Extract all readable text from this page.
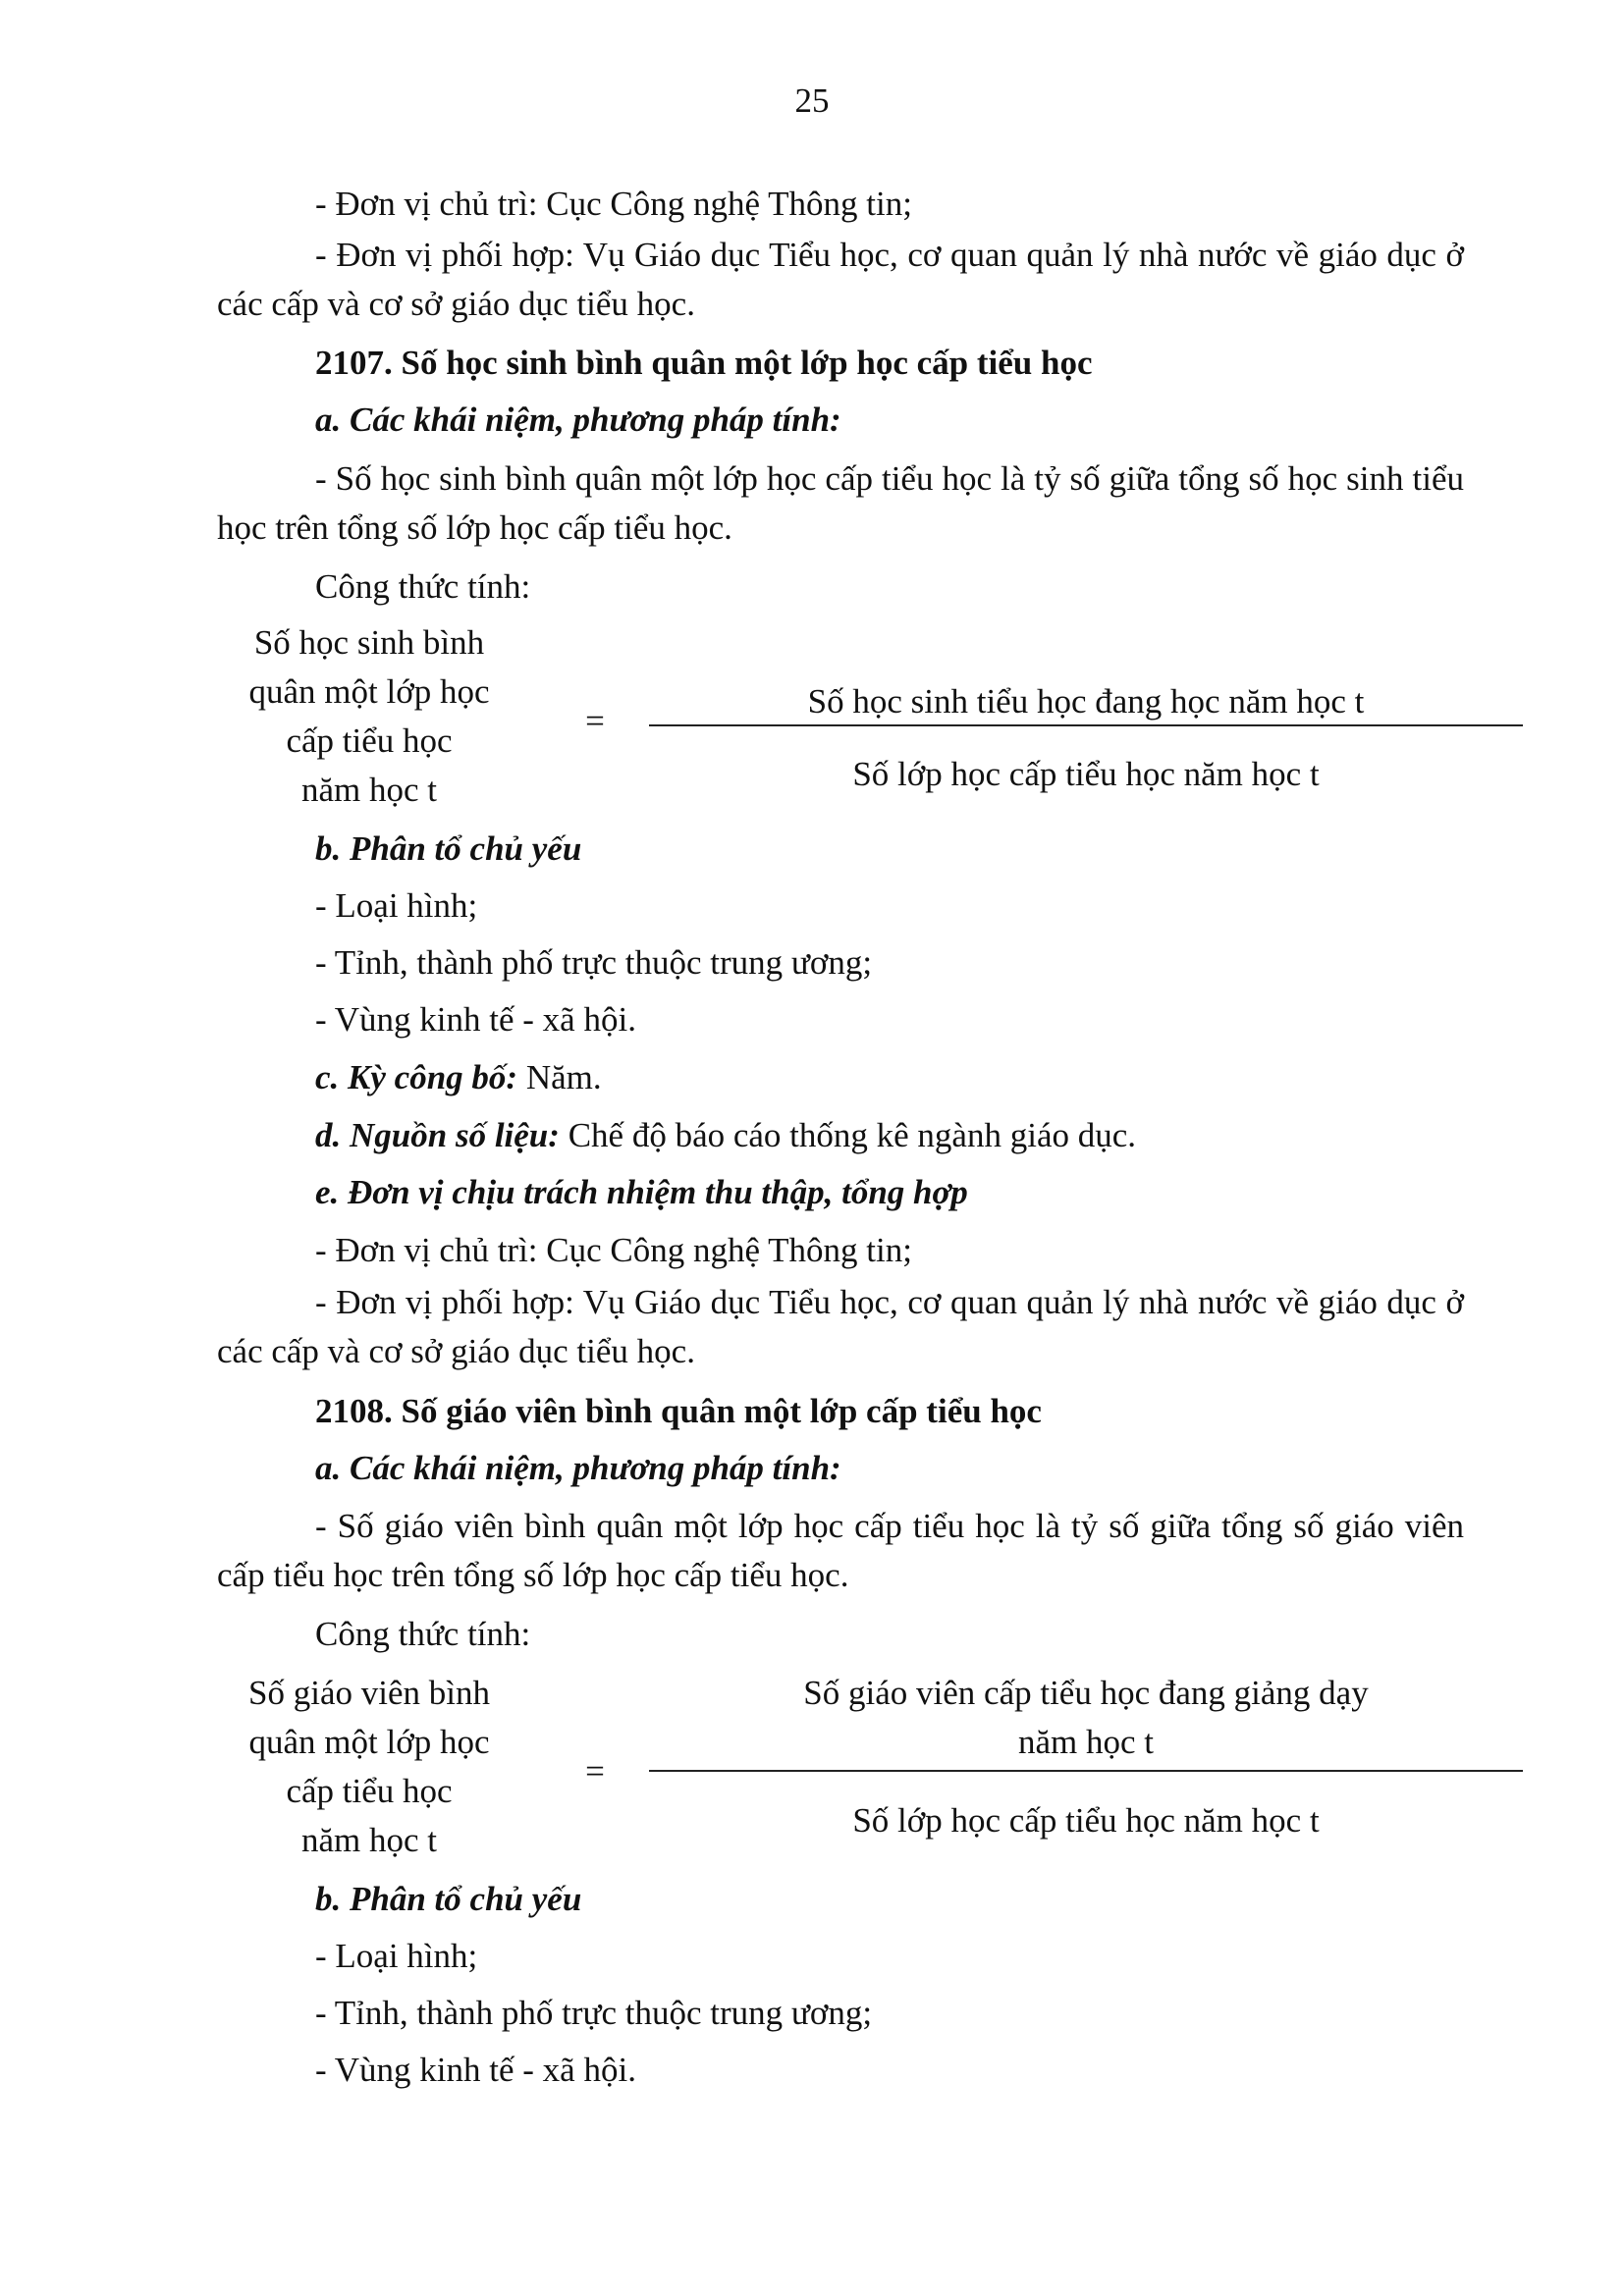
25
- Đơn vị chủ trì: Cục Công nghệ Thông tin;
- Đơn vị phối hợp: Vụ Giáo dục Tiểu học, cơ quan quản lý nhà nước về giáo dục ở các cấp và cơ sở giáo dục tiểu học.
2107. Số học sinh bình quân một lớp học cấp tiểu học
a. Các khái niệm, phương pháp tính:
- Số học sinh bình quân một lớp học cấp tiểu học là tỷ số giữa tổng số học sinh tiểu học trên tổng số lớp học cấp tiểu học.
Công thức tính:
Số học sinh bình
quân một lớp học
cấp tiểu học
năm học t
=
Số học sinh tiểu học đang học năm học t
Số lớp học cấp tiểu học năm học t
b. Phân tổ chủ yếu
- Loại hình;
- Tỉnh, thành phố trực thuộc trung ương;
- Vùng kinh tế - xã hội.
c. Kỳ công bố: Năm.
d. Nguồn số liệu: Chế độ báo cáo thống kê ngành giáo dục.
e. Đơn vị chịu trách nhiệm thu thập, tổng hợp
- Đơn vị chủ trì: Cục Công nghệ Thông tin;
- Đơn vị phối hợp: Vụ Giáo dục Tiểu học, cơ quan quản lý nhà nước về giáo dục ở các cấp và cơ sở giáo dục tiểu học.
2108. Số giáo viên bình quân một lớp cấp tiểu học
a. Các khái niệm, phương pháp tính:
- Số giáo viên bình quân một lớp học cấp tiểu học là tỷ số giữa tổng số giáo viên cấp tiểu học trên tổng số lớp học cấp tiểu học.
Công thức tính:
Số giáo viên bình
quân một lớp học
cấp tiểu học
năm học t
=
Số giáo viên cấp tiểu học đang giảng dạy
năm học t
Số lớp học cấp tiểu học năm học t
b. Phân tổ chủ yếu
- Loại hình;
- Tỉnh, thành phố trực thuộc trung ương;
- Vùng kinh tế - xã hội.
